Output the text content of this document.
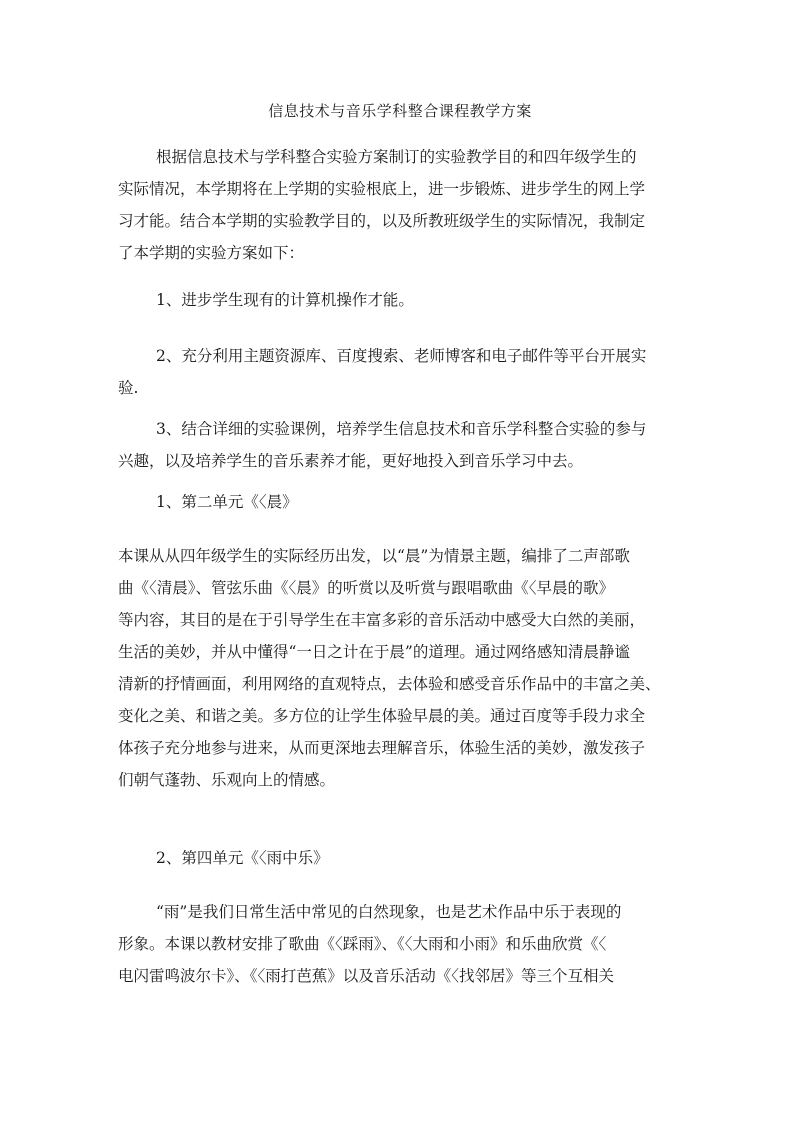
信息技术与音乐学科整合课程教学方案
根据信息技术与学科整合实验方案制订的实验教学目的和四年级学生的
实际情况，本学期将在上学期的实验根底上，进一步锻炼、进步学生的网上学
习才能。结合本学期的实验教学目的，以及所教班级学生的实际情况，我制定
了本学期的实验方案如下：
1、进步学生现有的计算机操作才能。
2、充分利用主题资源库、百度搜索、老师博客和电子邮件等平台开展实
验.
3、结合详细的实验课例，培养学生信息技术和音乐学科整合实验的参与
兴趣，以及培养学生的音乐素养才能，更好地投入到音乐学习中去。
1、第二单元《〈晨》
本课从从四年级学生的实际经历出发，以“晨”为情景主题，编排了二声部歌
曲《〈清晨》、管弦乐曲《〈晨》的听赏以及听赏与跟唱歌曲《〈早晨的歌》
等内容，其目的是在于引导学生在丰富多彩的音乐活动中感受大白然的美丽，
生活的美妙，并从中懂得“一日之计在于晨”的道理。通过网络感知清晨静谧
清新的抒情画面，利用网络的直观特点，去体验和感受音乐作品中的丰富之美、
变化之美、和谐之美。多方位的让学生体验早晨的美。通过百度等手段力求全
体孩子充分地参与进来，从而更深地去理解音乐，体验生活的美妙，激发孩子
们朝气蓬勃、乐观向上的情感。
2、第四单元《〈雨中乐》
“雨”是我们日常生活中常见的白然现象，也是艺术作品中乐于表现的
形象。本课以教材安排了歌曲《〈踩雨》、《〈大雨和小雨》和乐曲欣赏《〈
电闪雷鸣波尔卡》、《〈雨打芭蕉》以及音乐活动《〈找邻居》等三个互相关
